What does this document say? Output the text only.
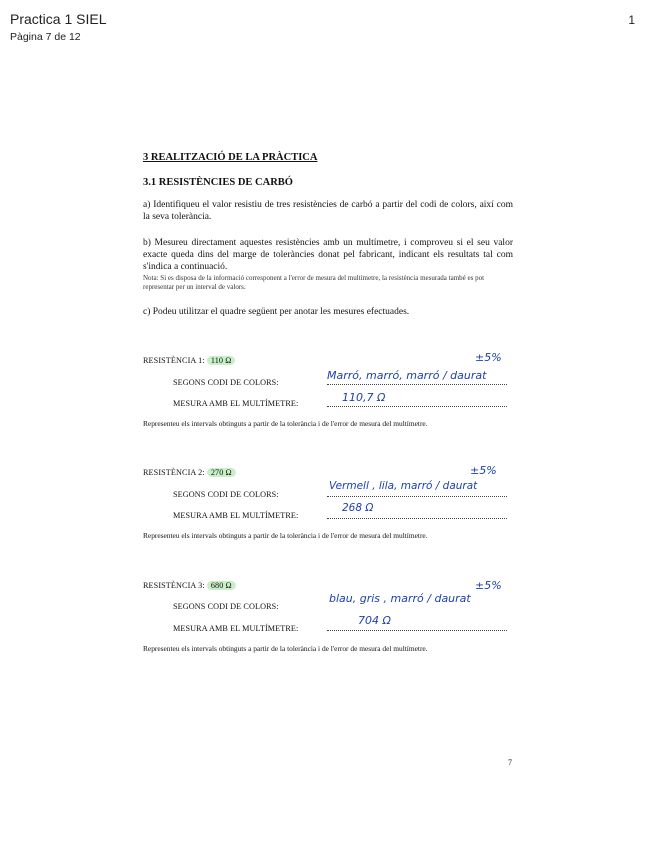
Practica 1 SIEL
Pàgina 7 de 12
1
3 REALITZACIÓ DE LA PRÀCTICA
3.1 RESISTÈNCIES DE CARBÓ
a) Identifiqueu el valor resistiu de tres resistències de carbó a partir del codi de colors, així com la seva tolerància.
b) Mesureu directament aquestes resistències amb un multímetre, i comproveu si el seu valor exacte queda dins del marge de toleràncies donat pel fabricant, indicant els resultats tal com s'indica a continuació.
Nota: Si es disposa de la informació corresponent a l'error de mesura del multímetre, la resistència mesurada també es pot representar per un interval de valors.
c) Podeu utilitzar el quadre següent per anotar les mesures efectuades.
RESISTÈNCIA 1: 110 Ω	±5%
SEGONS CODI DE COLORS:
Marró, marró, marró / daurat
MESURA AMB EL MULTÍMETRE:	110,7 Ω
Representeu els intervals obtinguts a partir de la tolerància i de l'error de mesura del multímetre.
RESISTÈNCIA 2: 270 Ω	±5%
SEGONS CODI DE COLORS:
Vermell , lila, marró / daurat
MESURA AMB EL MULTÍMETRE:
268 Ω
Representeu els intervals obtinguts a partir de la tolerància i de l'error de mesura del multímetre.
RESISTÈNCIA 3: 680 Ω	±5%
SEGONS CODI DE COLORS:
blau, gris , marró / daurat
MESURA AMB EL MULTÍMETRE:
704 Ω
Representeu els intervals obtinguts a partir de la tolerància i de l'error de mesura del multímetre.
7
